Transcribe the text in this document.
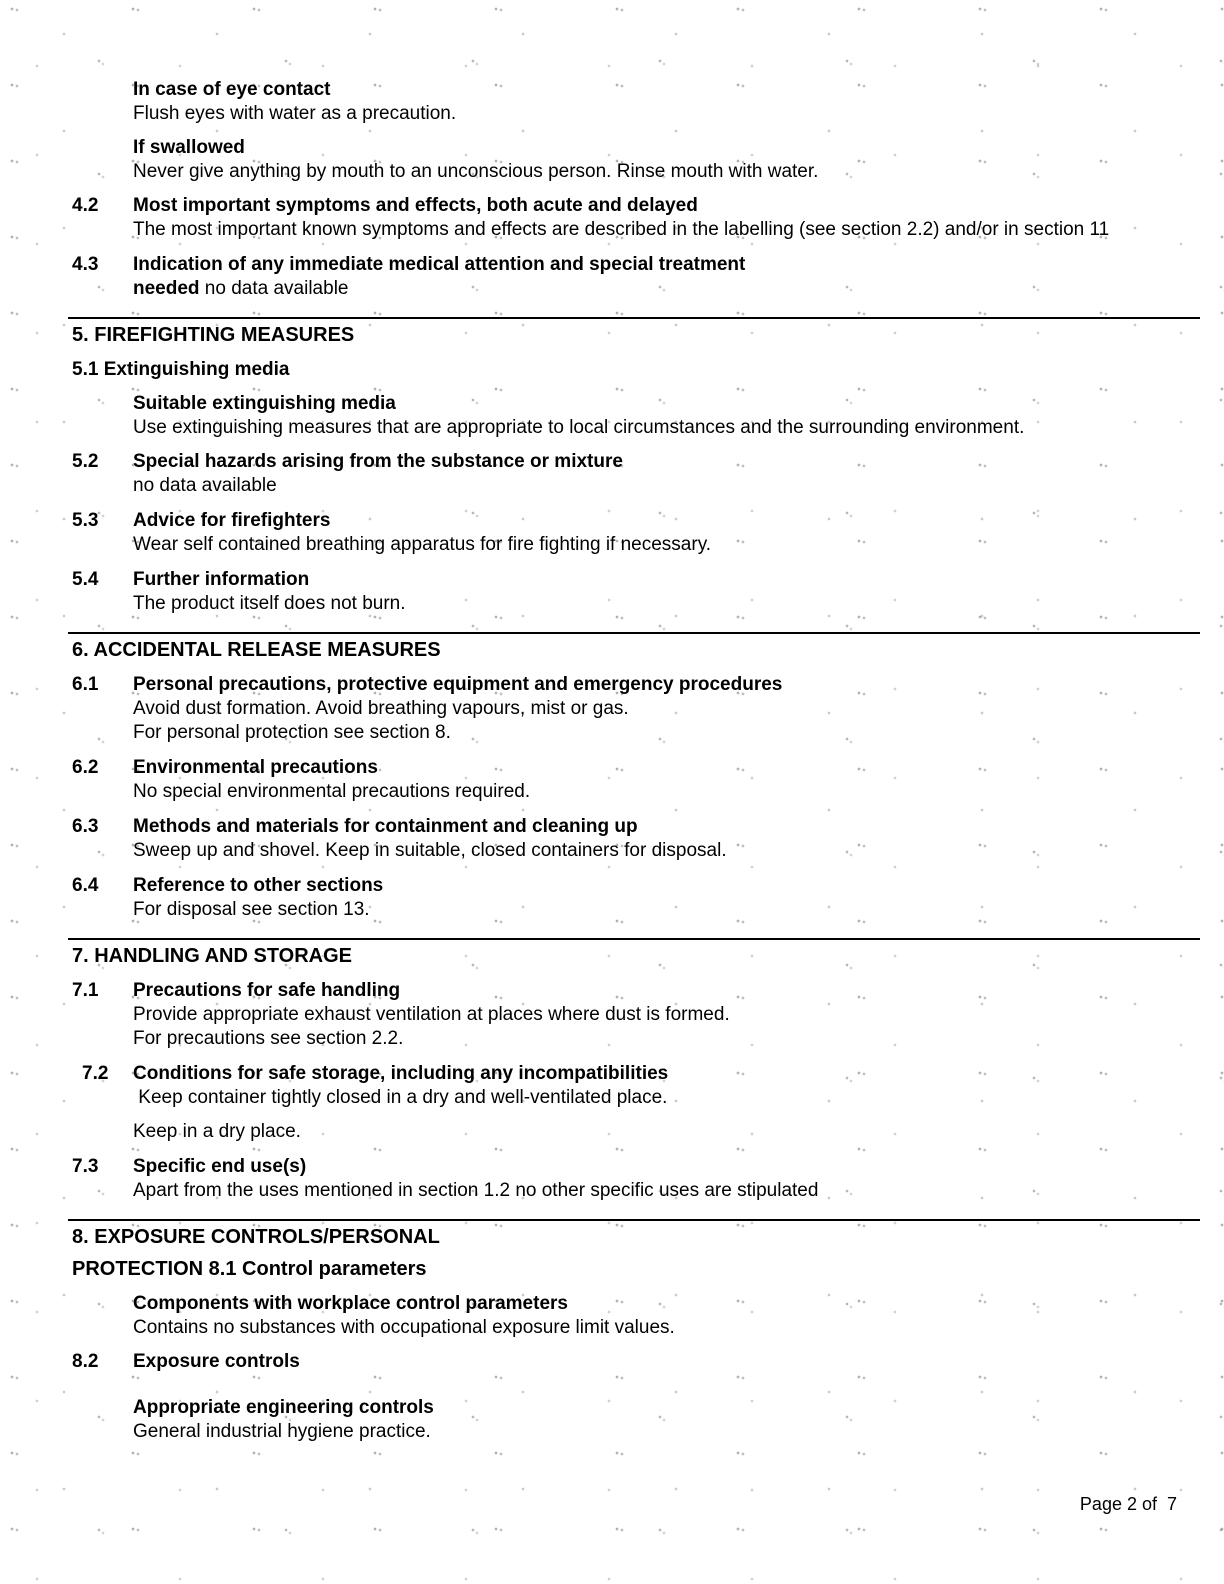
In case of eye contact
Flush eyes with water as a precaution.
If swallowed
Never give anything by mouth to an unconscious person. Rinse mouth with water.
4.2	Most important symptoms and effects, both acute and delayed
The most important known symptoms and effects are described in the labelling (see section 2.2) and/or in section 11
4.3	Indication of any immediate medical attention and special treatment
needed no data available
5. FIREFIGHTING MEASURES
5.1 Extinguishing media
Suitable extinguishing media
Use extinguishing measures that are appropriate to local circumstances and the surrounding environment.
5.2	Special hazards arising from the substance or mixture
no data available
5.3	Advice for firefighters
Wear self contained breathing apparatus for fire fighting if necessary.
5.4	Further information
The product itself does not burn.
6. ACCIDENTAL RELEASE MEASURES
6.1	Personal precautions, protective equipment and emergency procedures
Avoid dust formation. Avoid breathing vapours, mist or gas.
For personal protection see section 8.
6.2	Environmental precautions
No special environmental precautions required.
6.3	Methods and materials for containment and cleaning up
Sweep up and shovel. Keep in suitable, closed containers for disposal.
6.4	Reference to other sections
For disposal see section 13.
7. HANDLING AND STORAGE
7.1	Precautions for safe handling
Provide appropriate exhaust ventilation at places where dust is formed.
For precautions see section 2.2.
7.2	Conditions for safe storage, including any incompatibilities
Keep container tightly closed in a dry and well-ventilated place.
Keep in a dry place.
7.3	Specific end use(s)
Apart from the uses mentioned in section 1.2 no other specific uses are stipulated
8. EXPOSURE CONTROLS/PERSONAL
PROTECTION 8.1 Control parameters
Components with workplace control parameters
Contains no substances with occupational exposure limit values.
8.2	Exposure controls
Appropriate engineering controls
General industrial hygiene practice.
Page 2 of  7
